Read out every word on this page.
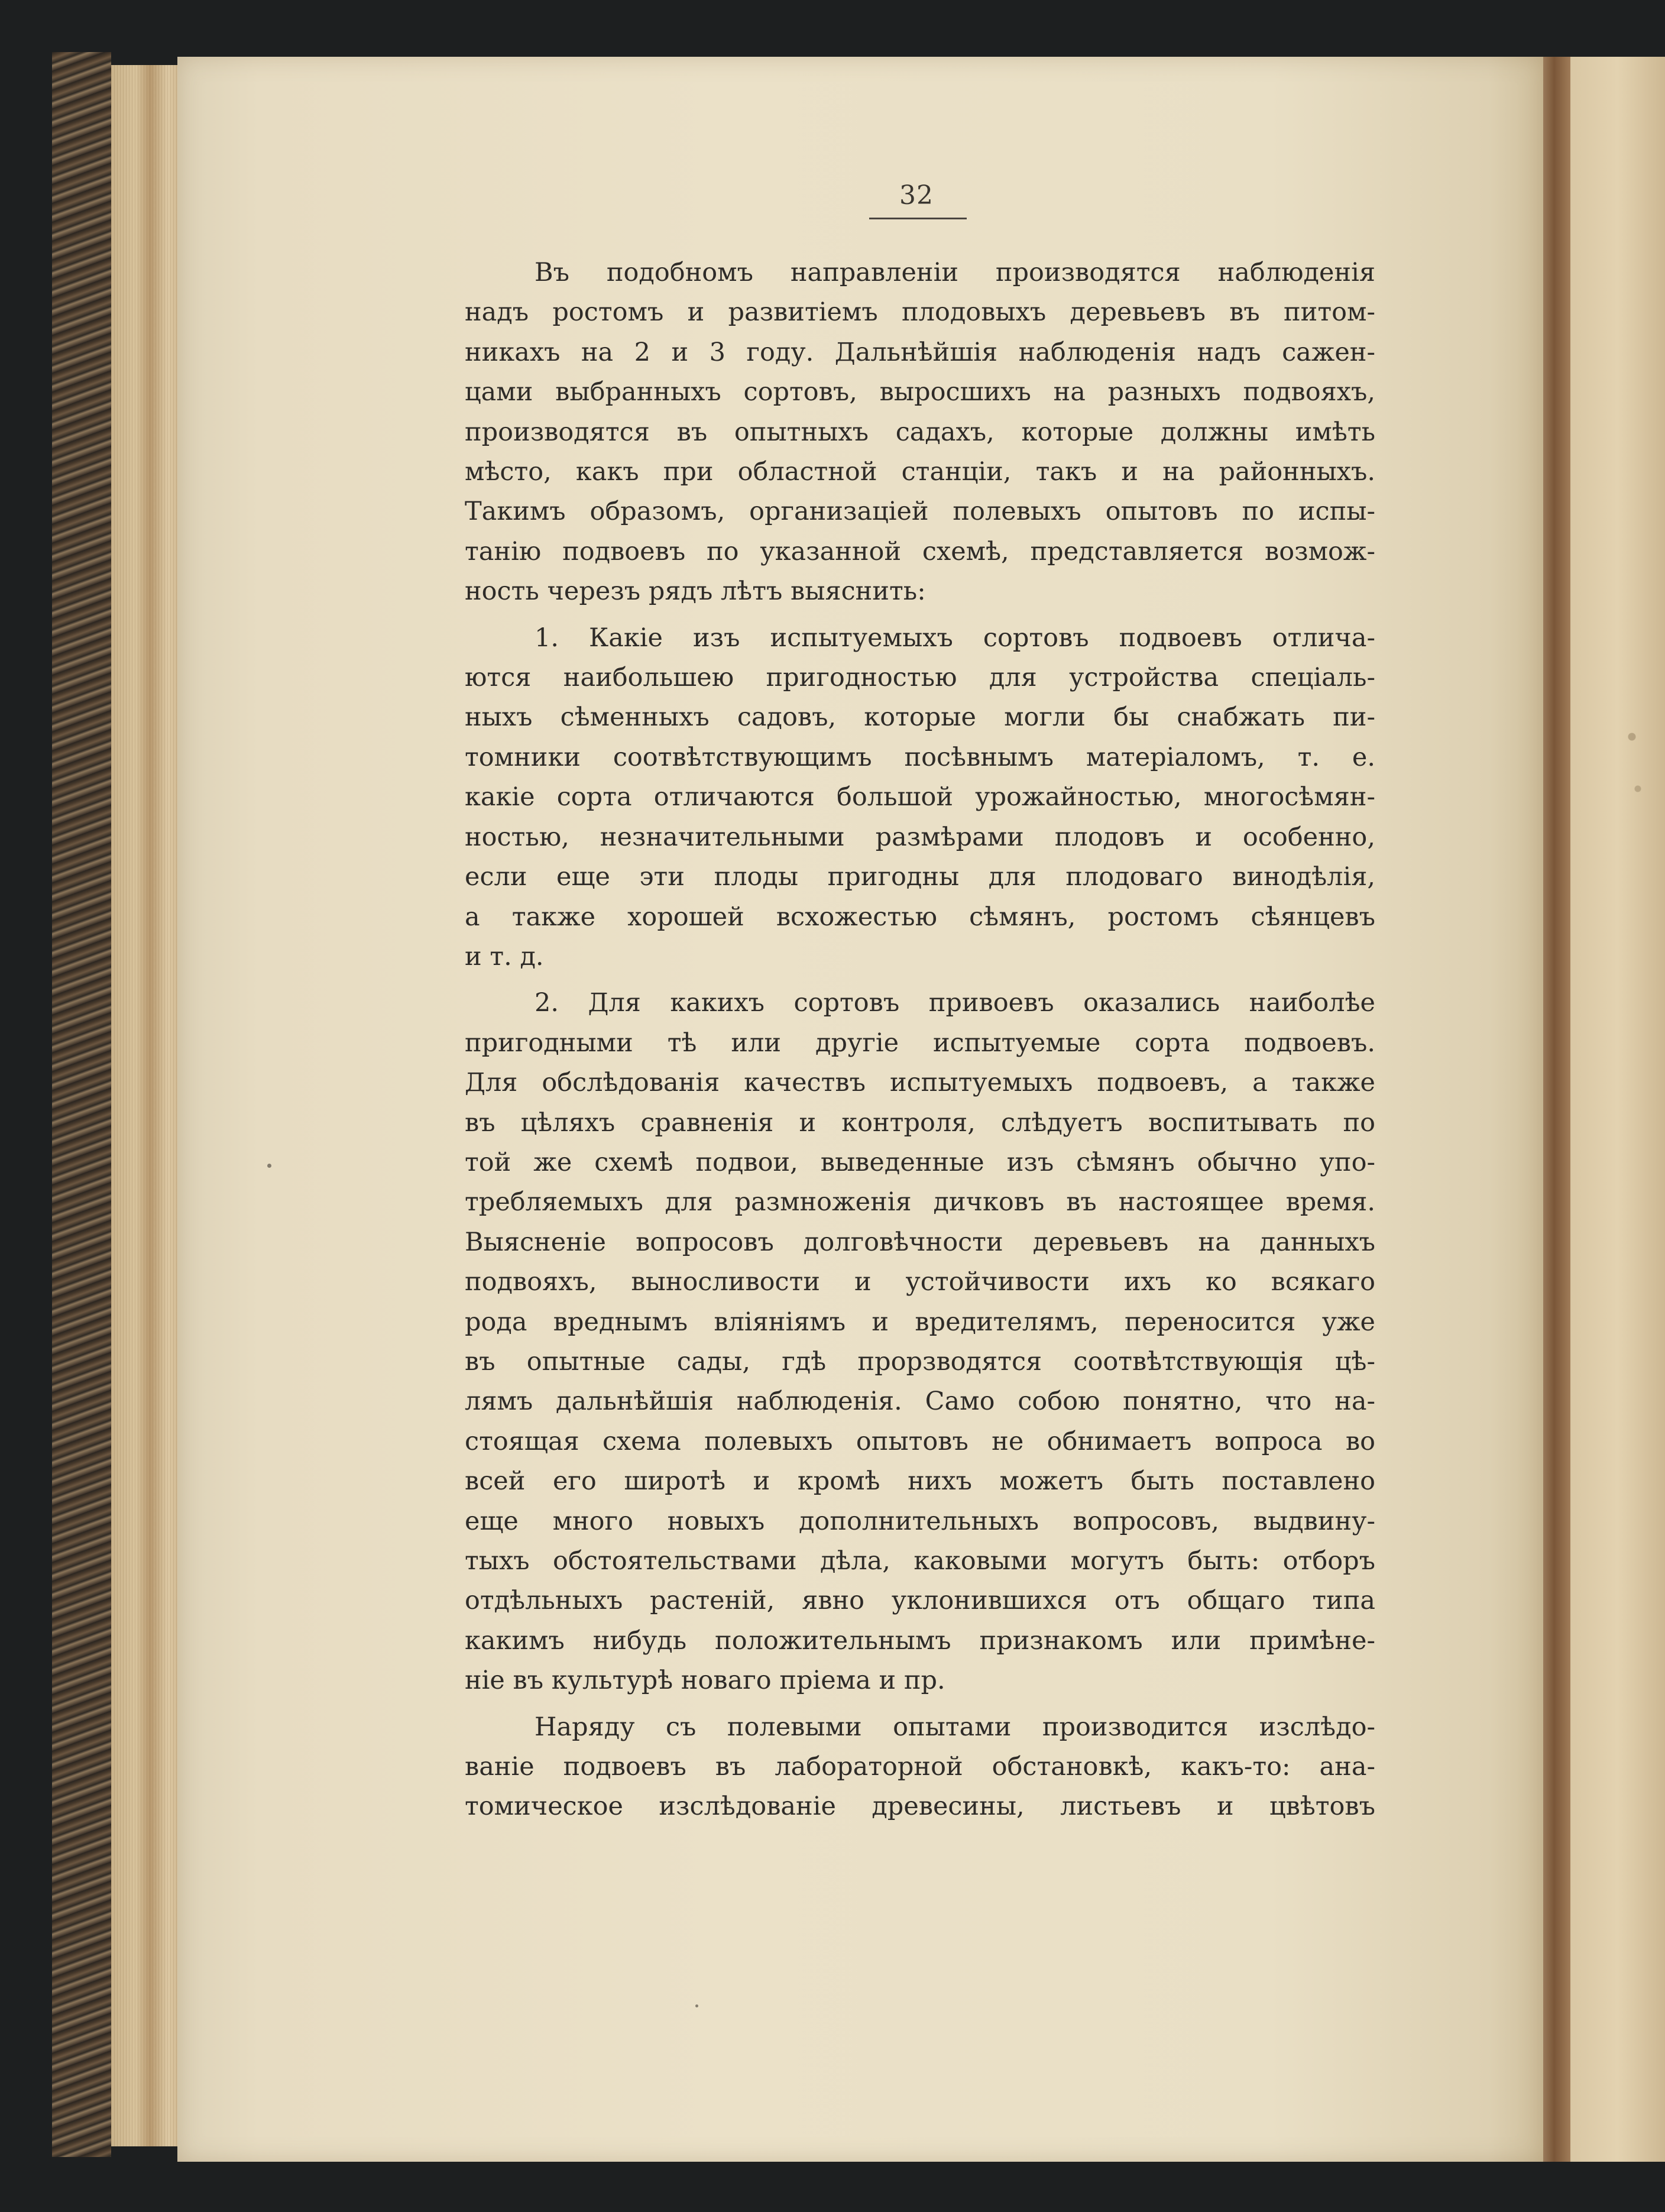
32
Въ подобномъ направленіи производятся наблюденія
надъ ростомъ и развитіемъ плодовыхъ деревьевъ въ питом-
никахъ на 2 и 3 году. Дальнѣйшія наблюденія надъ сажен-
цами выбранныхъ сортовъ, выросшихъ на разныхъ подвояхъ,
производятся въ опытныхъ садахъ, которые должны имѣть
мѣсто, какъ при областной станціи, такъ и на районныхъ.
Такимъ образомъ, организаціей полевыхъ опытовъ по испы-
танію подвоевъ по указанной схемѣ, представляется возмож-
ность черезъ рядъ лѣтъ выяснить:
1. Какіе изъ испытуемыхъ сортовъ подвоевъ отлича-
ются наибольшею пригодностью для устройства спеціаль-
ныхъ сѣменныхъ садовъ, которые могли бы снабжать пи-
томники соотвѣтствующимъ посѣвнымъ матеріаломъ, т. е.
какіе сорта отличаются большой урожайностью, многосѣмян-
ностью, незначительными размѣрами плодовъ и особенно,
если еще эти плоды пригодны для плодоваго винодѣлія,
а также хорошей всхожестью сѣмянъ, ростомъ сѣянцевъ
и т. д.
2. Для какихъ сортовъ привоевъ оказались наиболѣе
пригодными тѣ или другіе испытуемые сорта подвоевъ.
Для обслѣдованія качествъ испытуемыхъ подвоевъ, а также
въ цѣляхъ сравненія и контроля, слѣдуетъ воспитывать по
той же схемѣ подвои, выведенные изъ сѣмянъ обычно упо-
требляемыхъ для размноженія дичковъ въ настоящее время.
Выясненіе вопросовъ долговѣчности деревьевъ на данныхъ
подвояхъ, выносливости и устойчивости ихъ ко всякаго
рода вреднымъ вліяніямъ и вредителямъ, переносится уже
въ опытные сады, гдѣ прорзводятся соотвѣтствующія цѣ-
лямъ дальнѣйшія наблюденія. Само собою понятно, что на-
стоящая схема полевыхъ опытовъ не обнимаетъ вопроса во
всей его широтѣ и кромѣ нихъ можетъ быть поставлено
еще много новыхъ дополнительныхъ вопросовъ, выдвину-
тыхъ обстоятельствами дѣла, каковыми могутъ быть: отборъ
отдѣльныхъ растеній, явно уклонившихся отъ общаго типа
какимъ нибудь положительнымъ признакомъ или примѣне-
ніе въ культурѣ новаго пріема и пр.
Наряду съ полевыми опытами производится изслѣдо-
ваніе подвоевъ въ лабораторной обстановкѣ, какъ-то: ана-
томическое изслѣдованіе древесины, листьевъ и цвѣтовъ
